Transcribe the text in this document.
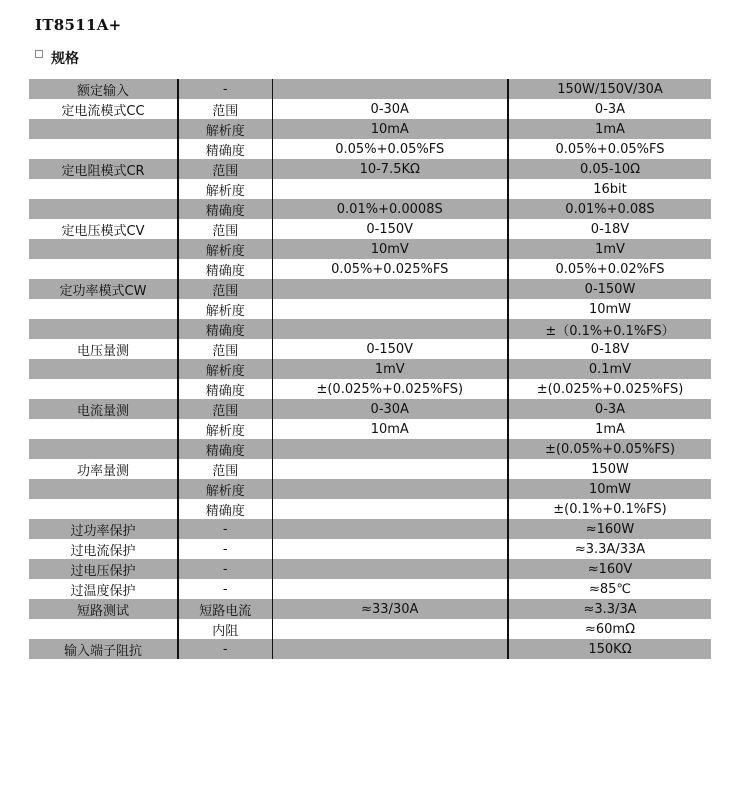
IT8511A+
规格
额定输入	-		150W/150V/30A
定电流模式CC	范围	0-30A	0-3A
	解析度	10mA	1mA
	精确度	0.05%+0.05%FS	0.05%+0.05%FS
定电阻模式CR	范围	10-7.5KΩ	0.05-10Ω
	解析度		16bit
	精确度	0.01%+0.0008S	0.01%+0.08S
定电压模式CV	范围	0-150V	0-18V
	解析度	10mV	1mV
	精确度	0.05%+0.025%FS	0.05%+0.02%FS
定功率模式CW	范围		0-150W
	解析度		10mW
	精确度		±（0.1%+0.1%FS）
电压量测	范围	0-150V	0-18V
	解析度	1mV	0.1mV
	精确度	±(0.025%+0.025%FS)	±(0.025%+0.025%FS)
电流量测	范围	0-30A	0-3A
	解析度	10mA	1mA
	精确度		±(0.05%+0.05%FS)
功率量测	范围		150W
	解析度		10mW
	精确度		±(0.1%+0.1%FS)
过功率保护	-		≈160W
过电流保护	-		≈3.3A/33A
过电压保护	-		≈160V
过温度保护	-		≈85℃
短路测试	短路电流	≈33/30A	≈3.3/3A
	内阻		≈60mΩ
输入端子阻抗	-		150KΩ
